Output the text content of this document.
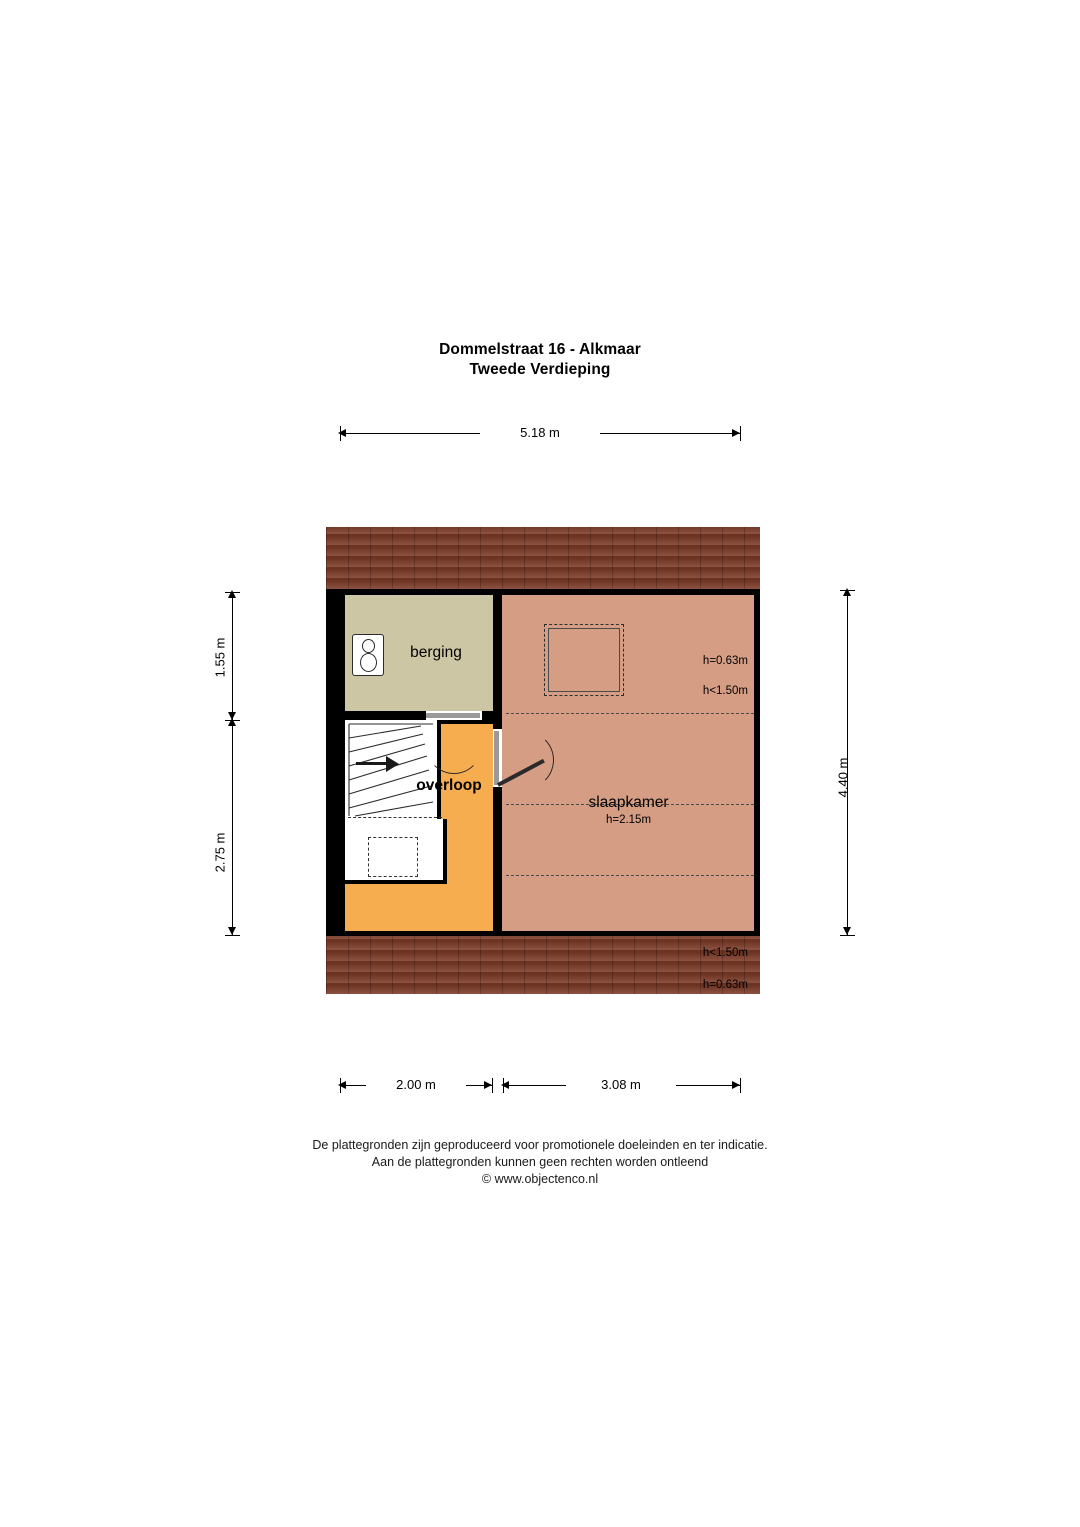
Dommelstraat 16 - Alkmaar
Tweede Verdieping
5.18 m
1.55 m
2.75 m
4.40 m
berging
overloop
slaapkamer
h=2.15m
h=0.63m
h<1.50m
h<1.50m
h=0.63m
2.00 m	3.08 m
De plattegronden zijn geproduceerd voor promotionele doeleinden en ter indicatie.
Aan de plattegronden kunnen geen rechten worden ontleend
© www.objectenco.nl
